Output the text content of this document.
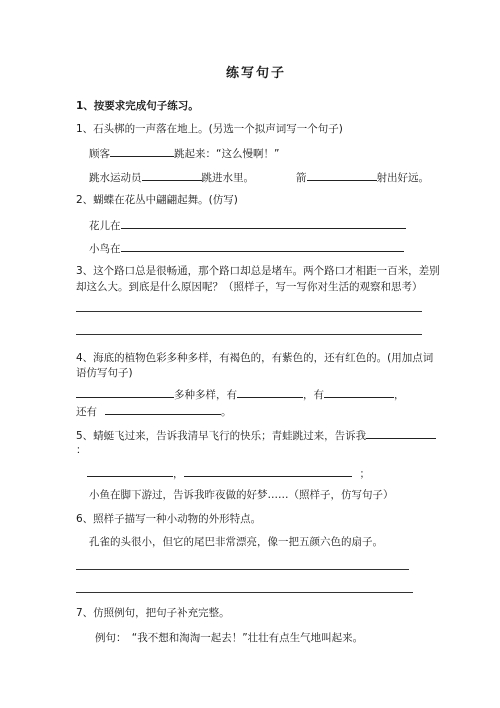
练写句子
1、按要求完成句子练习。
1、石头梆的一声落在地上。(另选一个拟声词写一个句子)
顾客	跳起来：“这么慢啊！”
跳水运动员	跳进水里。	箭	射出好远。
2、蝴蝶在花丛中翩翩起舞。(仿写)
花儿在
小鸟在
3、这个路口总是很畅通，那个路口却总是堵车。两个路口才相距一百米，差别
却这么大。到底是什么原因呢？（照样子，写一写你对生活的观察和思考）
4、海底的植物色彩多种多样，有褐色的，有紫色的，还有红色的。(用加点词
语仿写句子)
多种多样，有	，有	，
还有	。
5、蜻蜓飞过来，告诉我清早飞行的快乐；青蛙跳过来，告诉我
：
，	；
小鱼在脚下游过，告诉我昨夜做的好梦……（照样子，仿写句子）
6、照样子描写一种小动物的外形特点。
孔雀的头很小，但它的尾巴非常漂亮，像一把五颜六色的扇子。
7、仿照例句，把句子补充完整。
例句：　“我不想和淘淘一起去！”壮壮有点生气地叫起来。
